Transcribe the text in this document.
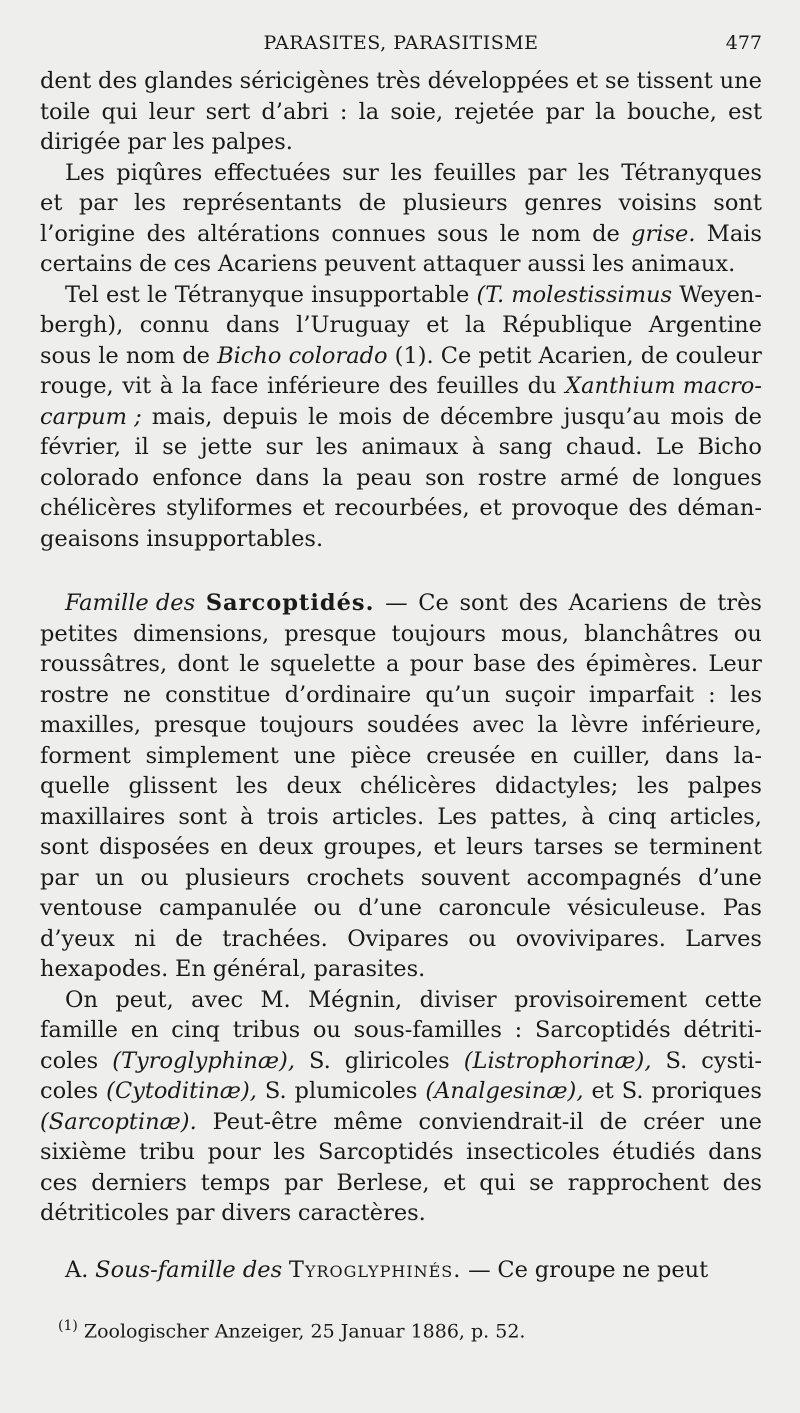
PARASITES, PARASITISME	477
dent des glandes séricigènes très développées et se tissent une
toile qui leur sert d’abri : la soie, rejetée par la bouche, est
dirigée par les palpes.
Les piqûres effectuées sur les feuilles par les Tétranyques
et par les représentants de plusieurs genres voisins sont
l’origine des altérations connues sous le nom de grise. Mais
certains de ces Acariens peuvent attaquer aussi les animaux.
Tel est le Tétranyque insupportable (T. molestissimus Weyen-
bergh), connu dans l’Uruguay et la République Argentine
sous le nom de Bicho colorado (1). Ce petit Acarien, de couleur
rouge, vit à la face inférieure des feuilles du Xanthium macro-
carpum ; mais, depuis le mois de décembre jusqu’au mois de
février, il se jette sur les animaux à sang chaud. Le Bicho
colorado enfonce dans la peau son rostre armé de longues
chélicères styliformes et recourbées, et provoque des déman-
geaisons insupportables.
Famille des Sarcoptidés. — Ce sont des Acariens de très
petites dimensions, presque toujours mous, blanchâtres ou
roussâtres, dont le squelette a pour base des épimères. Leur
rostre ne constitue d’ordinaire qu’un suçoir imparfait : les
maxilles, presque toujours soudées avec la lèvre inférieure,
forment simplement une pièce creusée en cuiller, dans la-
quelle glissent les deux chélicères didactyles; les palpes
maxillaires sont à trois articles. Les pattes, à cinq articles,
sont disposées en deux groupes, et leurs tarses se terminent
par un ou plusieurs crochets souvent accompagnés d’une
ventouse campanulée ou d’une caroncule vésiculeuse. Pas
d’yeux ni de trachées. Ovipares ou ovovivipares. Larves
hexapodes. En général, parasites.
On peut, avec M. Mégnin, diviser provisoirement cette
famille en cinq tribus ou sous-familles : Sarcoptidés détriti-
coles (Tyroglyphinæ), S. gliricoles (Listrophorinæ), S. cysti-
coles (Cytoditinæ), S. plumicoles (Analgesinæ), et S. proriques
(Sarcoptinæ). Peut-être même conviendrait-il de créer une
sixième tribu pour les Sarcoptidés insecticoles étudiés dans
ces derniers temps par Berlese, et qui se rapprochent des
détriticoles par divers caractères.
A. Sous-famille des Tyroglyphinés. — Ce groupe ne peut
$^{(1)}$ Zoologischer Anzeiger, 25 Januar 1886, p. 52.
